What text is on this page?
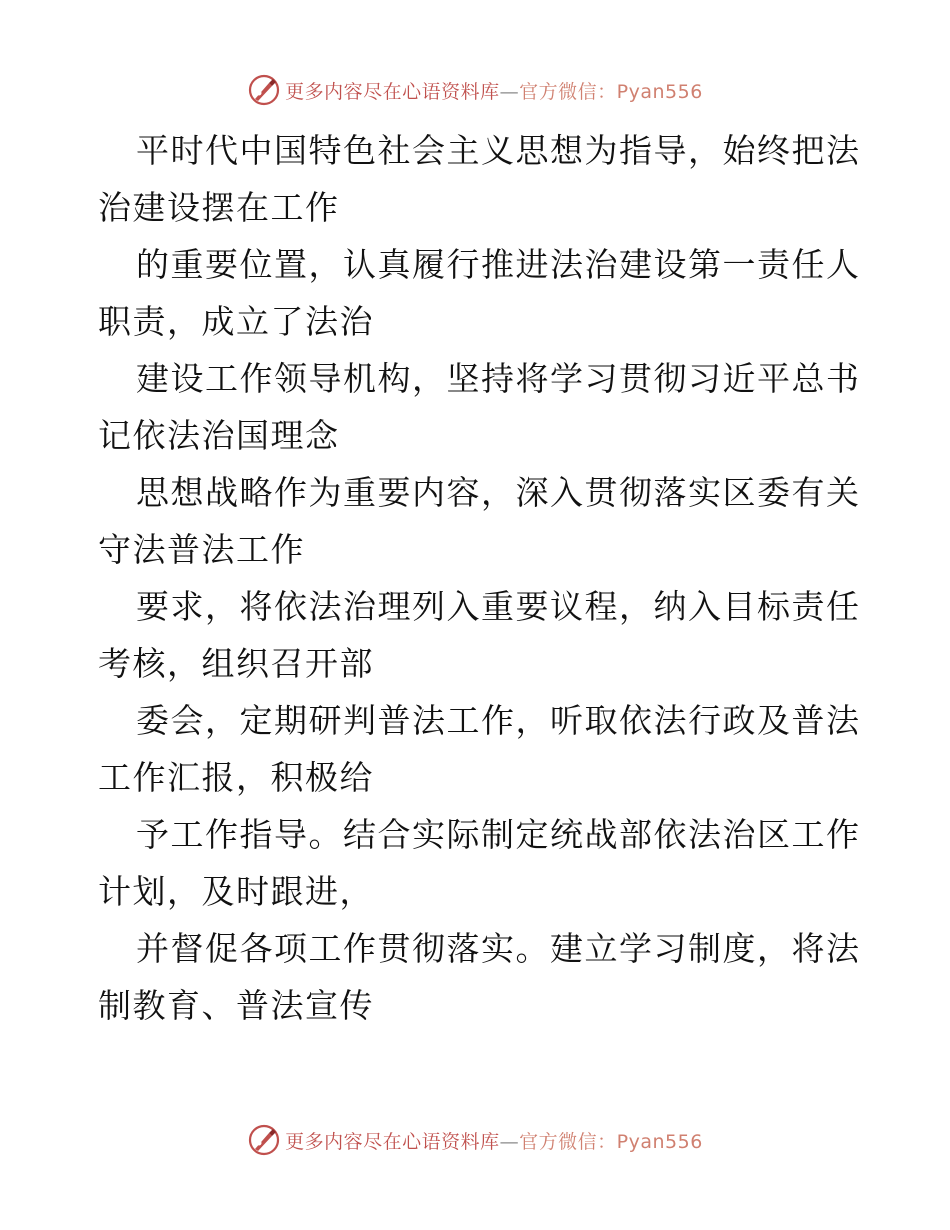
更多内容尽在心语资料库—官方微信：Pyan556

平时代中国特色社会主义思想为指导，始终把法
治建设摆在工作

的重要位置，认真履行推进法治建设第一责任人
职责，成立了法治

建设工作领导机构，坚持将学习贯彻习近平总书
记依法治国理念

思想战略作为重要内容，深入贯彻落实区委有关
守法普法工作

要求，将依法治理列入重要议程，纳入目标责任
考核，组织召开部

委会，定期研判普法工作，听取依法行政及普法
工作汇报，积极给

予工作指导。结合实际制定统战部依法治区工作
计划，及时跟进，

并督促各项工作贯彻落实。建立学习制度，将法
制教育、普法宣传

更多内容尽在心语资料库—官方微信：Pyan556
